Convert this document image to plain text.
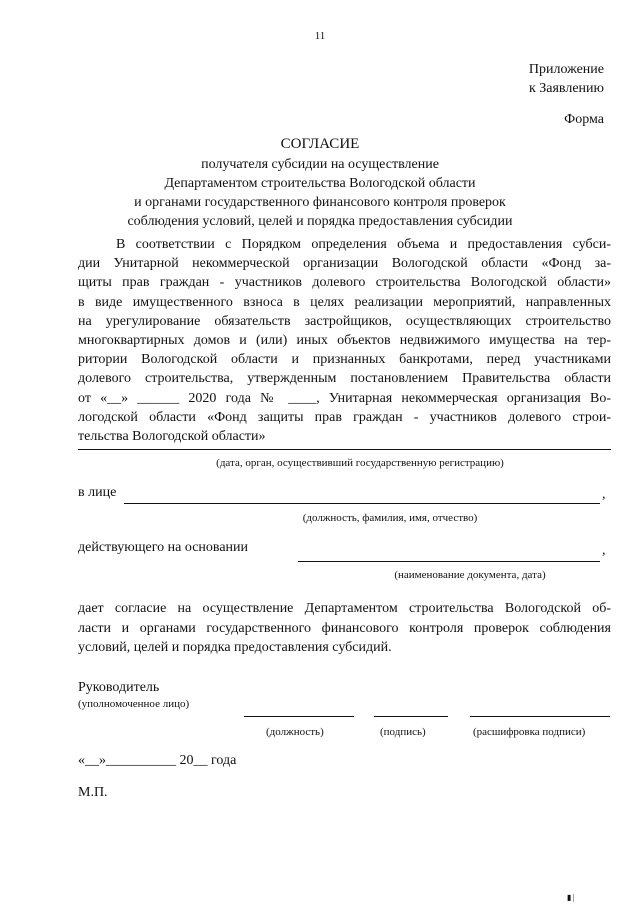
11
Приложение
к Заявлению
Форма
СОГЛАСИЕ
получателя субсидии на осуществление
Департаментом строительства Вологодской области
и органами государственного финансового контроля проверок
соблюдения условий, целей и порядка предоставления субсидии
В соответствии с Порядком определения объема и предоставления субси-
дии Унитарной некоммерческой организации Вологодской области «Фонд за-
щиты прав граждан - участников долевого строительства Вологодской области»
в виде имущественного взноса в целях реализации мероприятий, направленных
на урегулирование обязательств застройщиков, осуществляющих строительство
многоквартирных домов и (или) иных объектов недвижимого имущества на тер-
ритории Вологодской области и признанных банкротами, перед участниками
долевого строительства, утвержденным постановлением Правительства области
от «__» ______ 2020 года № ____, Унитарная некоммерческая организация Во-
логодской области «Фонд защиты прав граждан - участников долевого строи-
тельства Вологодской области»
(дата, орган, осуществивший государственную регистрацию)
в лице	,
(должность, фамилия, имя, отчество)
действующего на основании	,
(наименование документа, дата)
дает согласие на осуществление Департаментом строительства Вологодской об-
ласти и органами государственного финансового контроля проверок соблюдения
условий, целей и порядка предоставления субсидий.
Руководитель
(уполномоченное лицо)
(должность)	(подпись)	(расшифровка подписи)
«__»__________ 20__ года
М.П.
▮|
